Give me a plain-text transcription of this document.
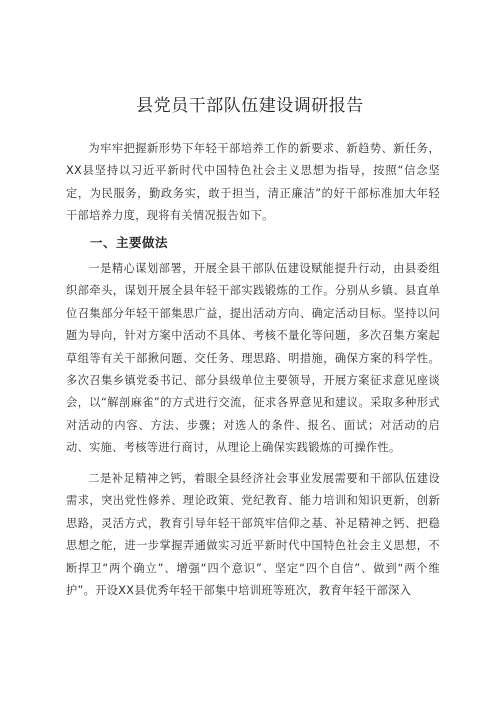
县党员干部队伍建设调研报告

为牢牢把握新形势下年轻干部培养工作的新要求、新趋势、新任务，XX县坚持以习近平新时代中国特色社会主义思想为指导，按照“信念坚定，为民服务，勤政务实，敢于担当，清正廉洁”的好干部标准加大年轻干部培养力度，现将有关情况报告如下。

一、主要做法

一是精心谋划部署，开展全县干部队伍建设赋能提升行动，由县委组织部牵头，谋划开展全县年轻干部实践锻炼的工作。分别从乡镇、县直单位召集部分年轻干部集思广益，提出活动方向、确定活动目标。坚持以问题为导向，针对方案中活动不具体、考核不量化等问题，多次召集方案起草组等有关干部揪问题、交任务、理思路、明措施，确保方案的科学性。多次召集乡镇党委书记、部分县级单位主要领导，开展方案征求意见座谈会，以“解剖麻雀”的方式进行交流，征求各界意见和建议。采取多种形式对活动的内容、方法、步骤；对选人的条件、报名、面试；对活动的启动、实施、考核等进行商讨，从理论上确保实践锻炼的可操作性。

二是补足精神之钙，着眼全县经济社会事业发展需要和干部队伍建设需求，突出党性修养、理论政策、党纪教育、能力培训和知识更新，创新思路，灵活方式，教育引导年轻干部筑牢信仰之基、补足精神之钙、把稳思想之舵，进一步掌握弄通做实习近平新时代中国特色社会主义思想，不断捍卫“两个确立”、增强“四个意识”、坚定“四个自信”、做到“两个维护”。开设XX县优秀年轻干部集中培训班等班次，教育年轻干部深入
